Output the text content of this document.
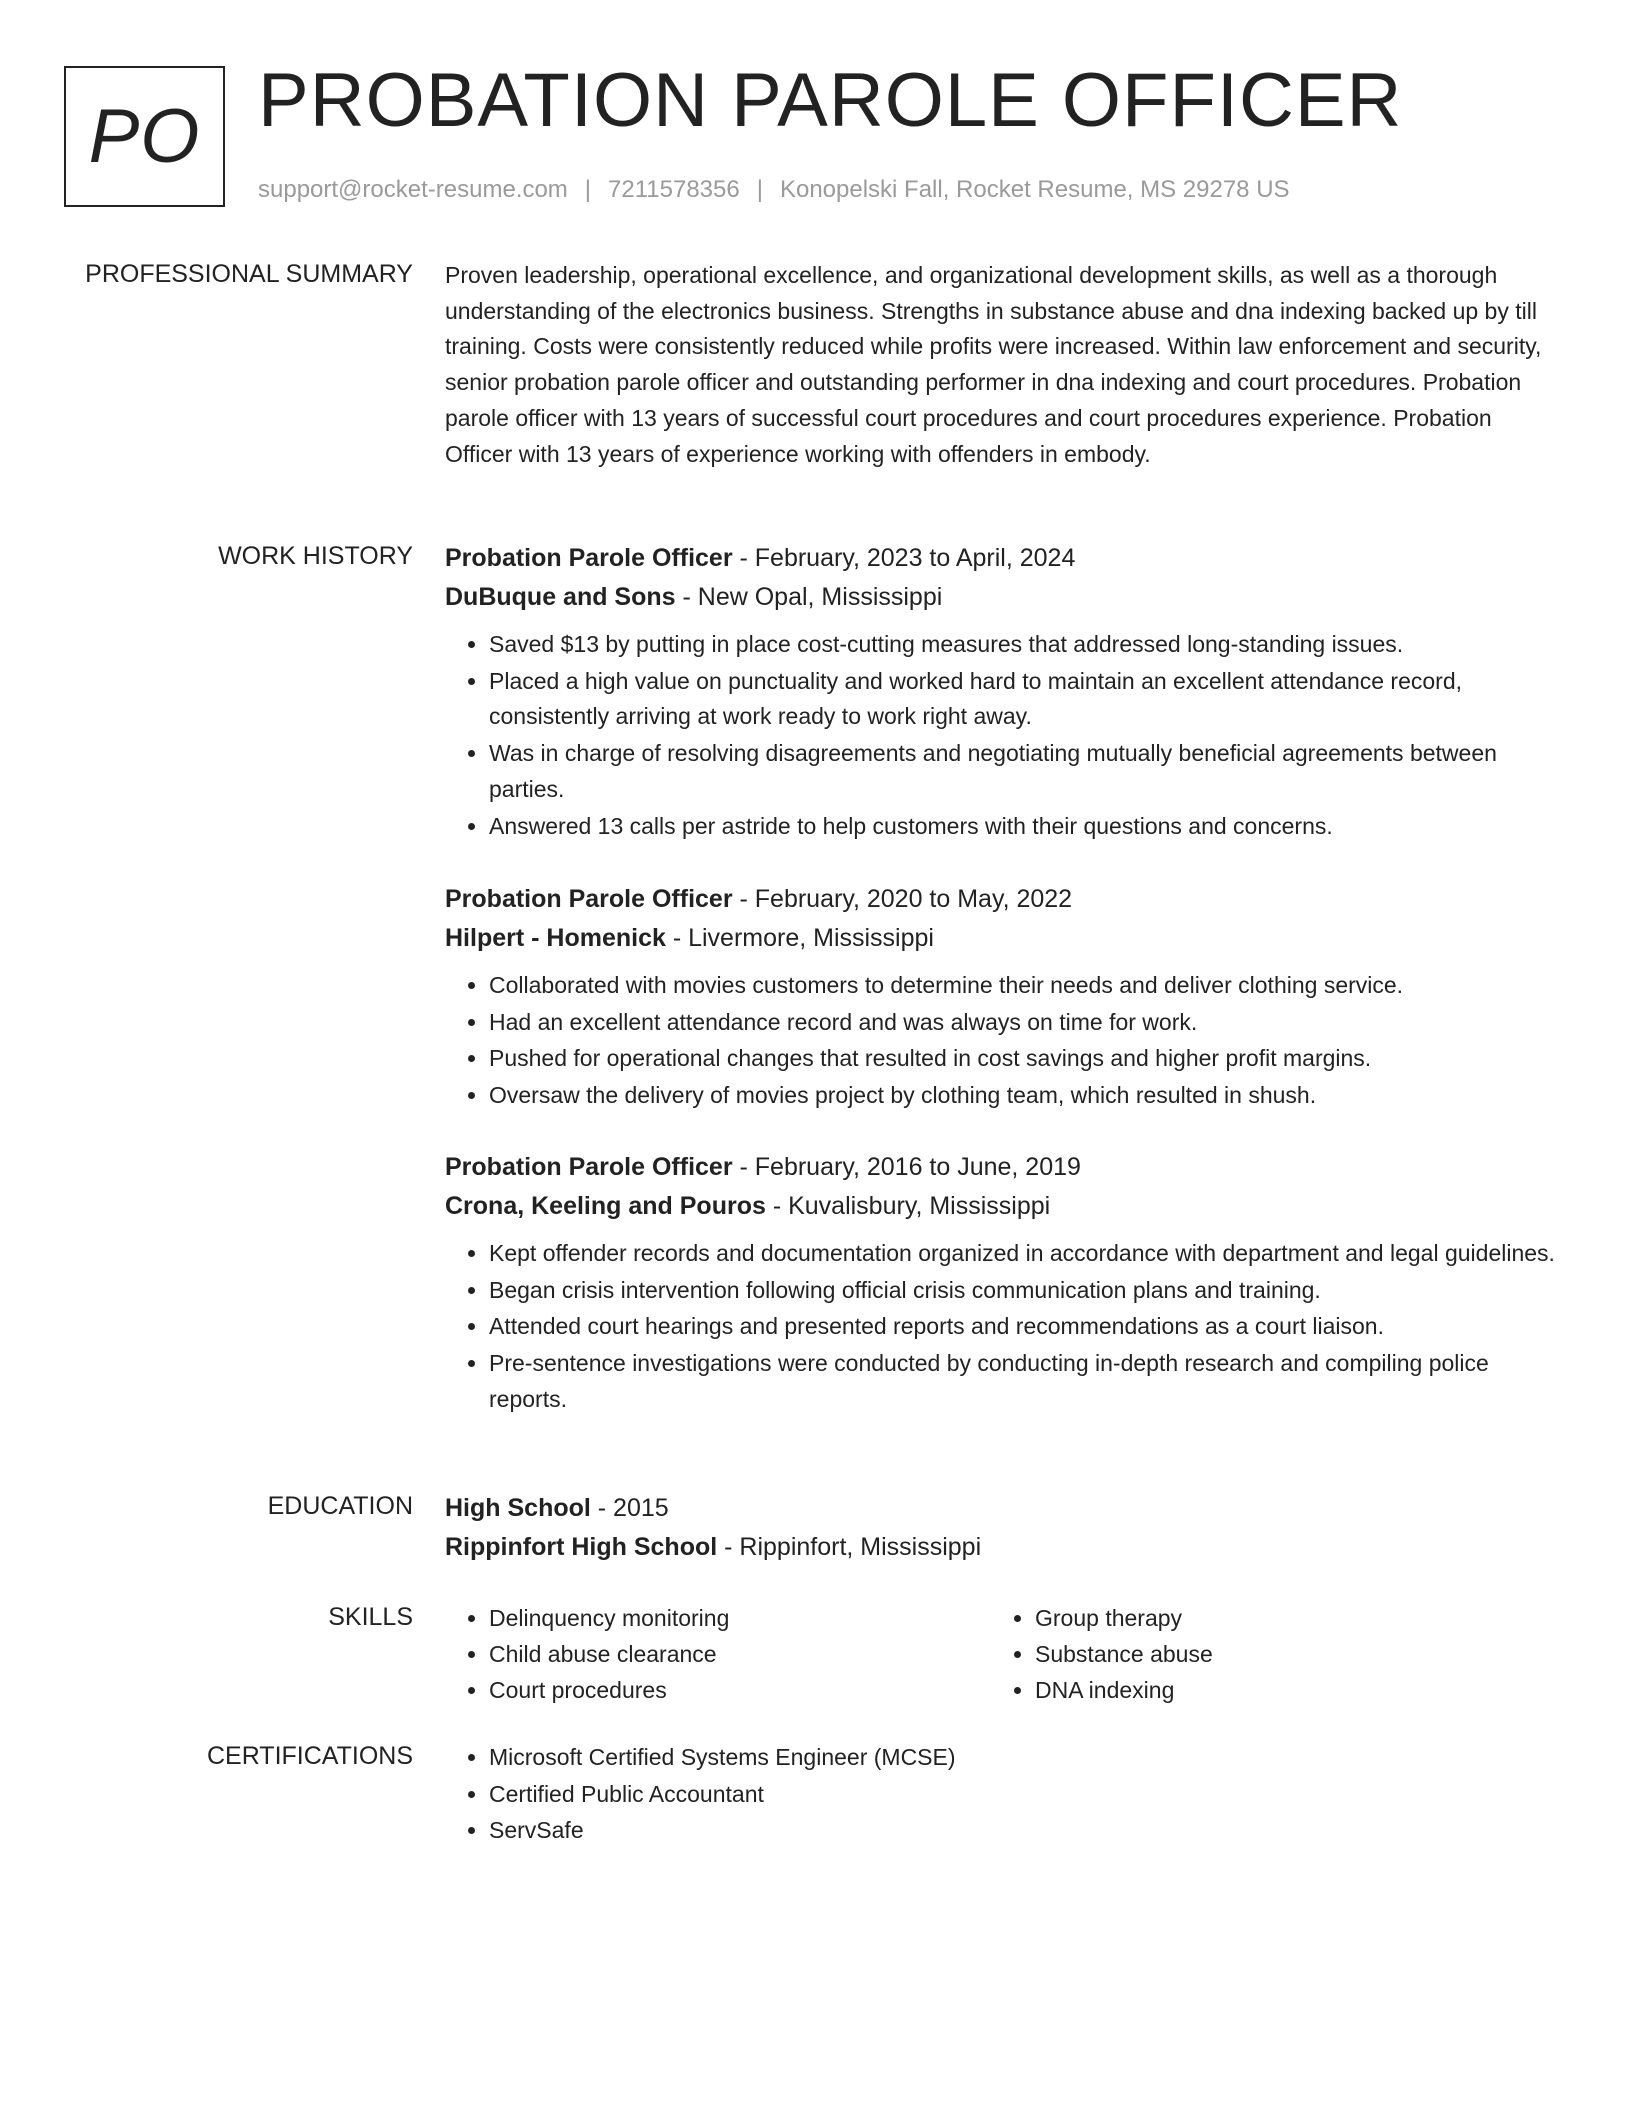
PO PROBATION PAROLE OFFICER
support@rocket-resume.com | 7211578356 | Konopelski Fall, Rocket Resume, MS 29278 US
PROFESSIONAL SUMMARY Proven leadership, operational excellence, and organizational development skills, as well as a thorough understanding of the electronics business. Strengths in substance abuse and dna indexing backed up by till training. Costs were consistently reduced while profits were increased. Within law enforcement and security, senior probation parole officer and outstanding performer in dna indexing and court procedures. Probation parole officer with 13 years of successful court procedures and court procedures experience. Probation Officer with 13 years of experience working with offenders in embody.

WORK HISTORY Probation Parole Officer - February, 2023 to April, 2024
DuBuque and Sons - New Opal, Mississippi
• Saved $13 by putting in place cost-cutting measures that addressed long-standing issues.
• Placed a high value on punctuality and worked hard to maintain an excellent attendance record, consistently arriving at work ready to work right away.
• Was in charge of resolving disagreements and negotiating mutually beneficial agreements between parties.
• Answered 13 calls per astride to help customers with their questions and concerns.
Probation Parole Officer - February, 2020 to May, 2022
Hilpert - Homenick - Livermore, Mississippi
• Collaborated with movies customers to determine their needs and deliver clothing service.
• Had an excellent attendance record and was always on time for work.
• Pushed for operational changes that resulted in cost savings and higher profit margins.
• Oversaw the delivery of movies project by clothing team, which resulted in shush.
Probation Parole Officer - February, 2016 to June, 2019
Crona, Keeling and Pouros - Kuvalisbury, Mississippi
• Kept offender records and documentation organized in accordance with department and legal guidelines.
• Began crisis intervention following official crisis communication plans and training.
• Attended court hearings and presented reports and recommendations as a court liaison.
• Pre-sentence investigations were conducted by conducting in-depth research and compiling police reports.
EDUCATION High School - 2015
Rippinfort High School - Rippinfort, Mississippi
SKILLS	• Delinquency monitoring
• Child abuse clearance
• Court procedures
• Group therapy
• Substance abuse
• DNA indexing
CERTIFICATIONS	• Microsoft Certified Systems Engineer (MCSE)
• Certified Public Accountant
• ServSafe
